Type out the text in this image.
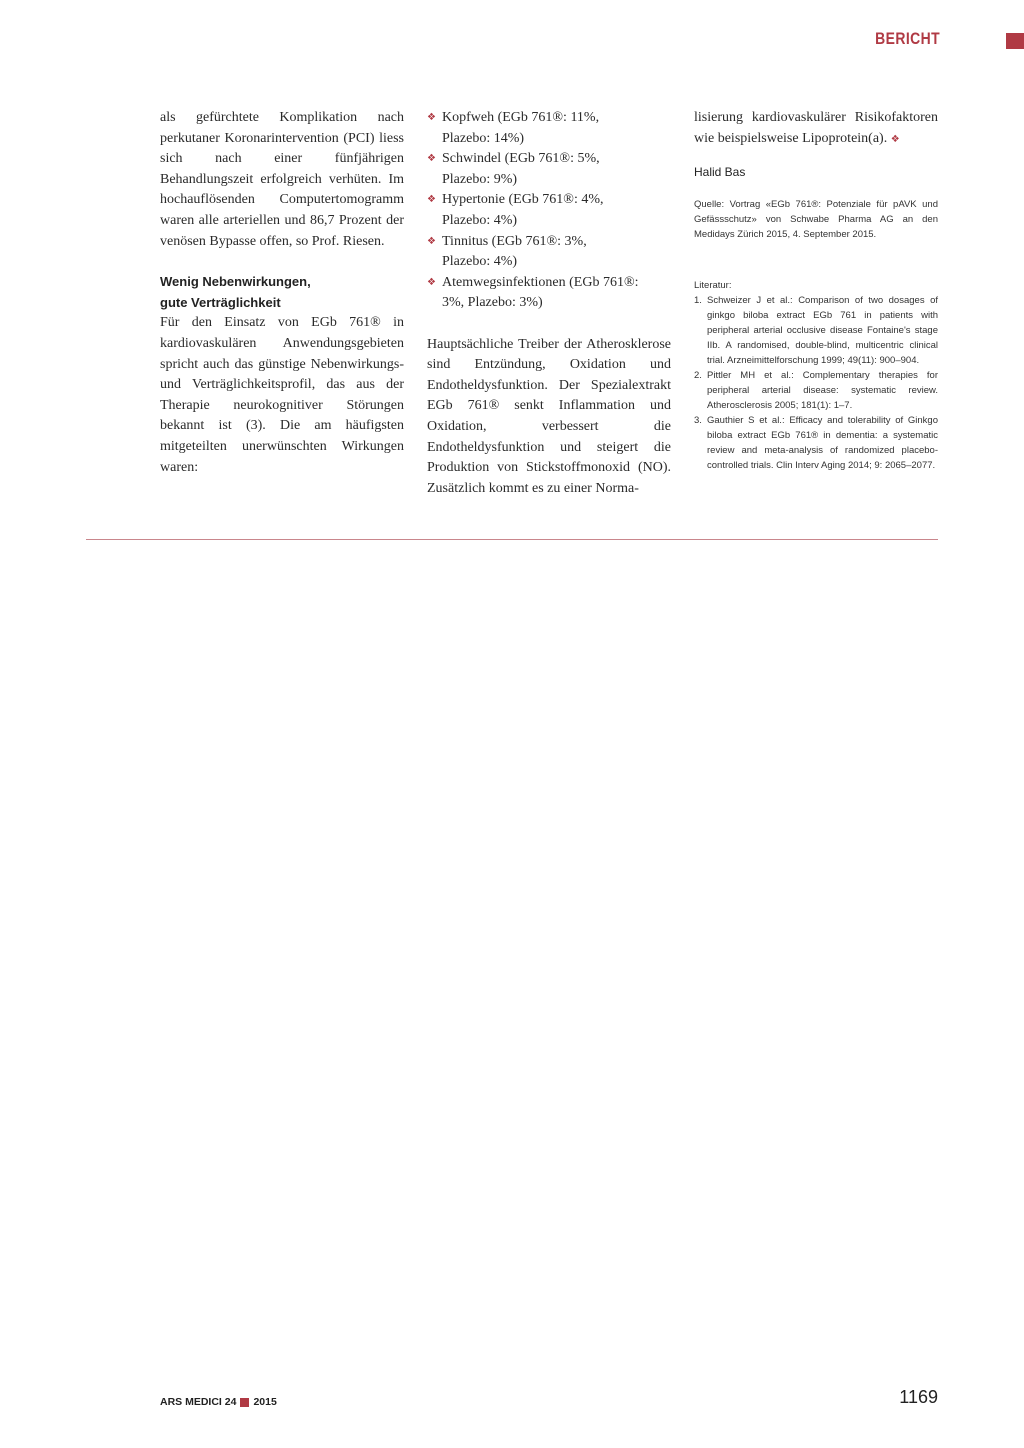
BERICHT

als gefürchtete Komplikation nach perkutaner Koronarintervention (PCI) liess sich nach einer fünfjährigen Behandlungszeit erfolgreich verhüten. Im hochauflösenden Computertomogramm waren alle arteriellen und 86,7 Prozent der venösen Bypasse offen, so Prof. Riesen.

Wenig Nebenwirkungen,
gute Verträglichkeit

Für den Einsatz von EGb 761® in kardiovaskulären Anwendungsgebieten spricht auch das günstige Nebenwirkungs- und Verträglichkeitsprofil, das aus der Therapie neurokognitiver Störungen bekannt ist (3). Die am häufigsten mitgeteilten unerwünschten Wirkungen waren:

❖ Kopfweh (EGb 761®: 11%,
Plazebo: 14%)
❖ Schwindel (EGb 761®: 5%,
Plazebo: 9%)
❖ Hypertonie (EGb 761®: 4%,
Plazebo: 4%)
❖ Tinnitus (EGb 761®: 3%,
Plazebo: 4%)
❖ Atemwegsinfektionen (EGb 761®:
3%, Plazebo: 3%)

Hauptsächliche Treiber der Atherosklerose sind Entzündung, Oxidation und Endotheldysfunktion. Der Spezialextrakt EGb 761® senkt Inflammation und Oxidation, verbessert die Endotheldysfunktion und steigert die Produktion von Stickstoffmonoxid (NO). Zusätzlich kommt es zu einer Norma-

lisierung kardiovaskulärer Risikofaktoren wie beispielsweise Lipoprotein(a). ❖

Halid Bas
Quelle: Vortrag «EGb 761®: Potenziale für pAVK und Gefässschutz» von Schwabe Pharma AG an den Medidays Zürich 2015, 4. September 2015.
Literatur:
1. Schweizer J et al.: Comparison of two dosages of ginkgo biloba extract EGb 761 in patients with peripheral arterial occlusive disease Fontaine's stage IIb. A randomised, double-blind, multicentric clinical trial. Arzneimittelforschung 1999; 49(11): 900–904.
2. Pittler MH et al.: Complementary therapies for peripheral arterial disease: systematic review. Atherosclerosis 2005; 181(1): 1–7.
3. Gauthier S et al.: Efficacy and tolerability of Ginkgo biloba extract EGb 761® in dementia: a systematic review and meta-analysis of randomized placebo-controlled trials. Clin Interv Aging 2014; 9: 2065–2077.
ARS MEDICI 24 2015	1169
